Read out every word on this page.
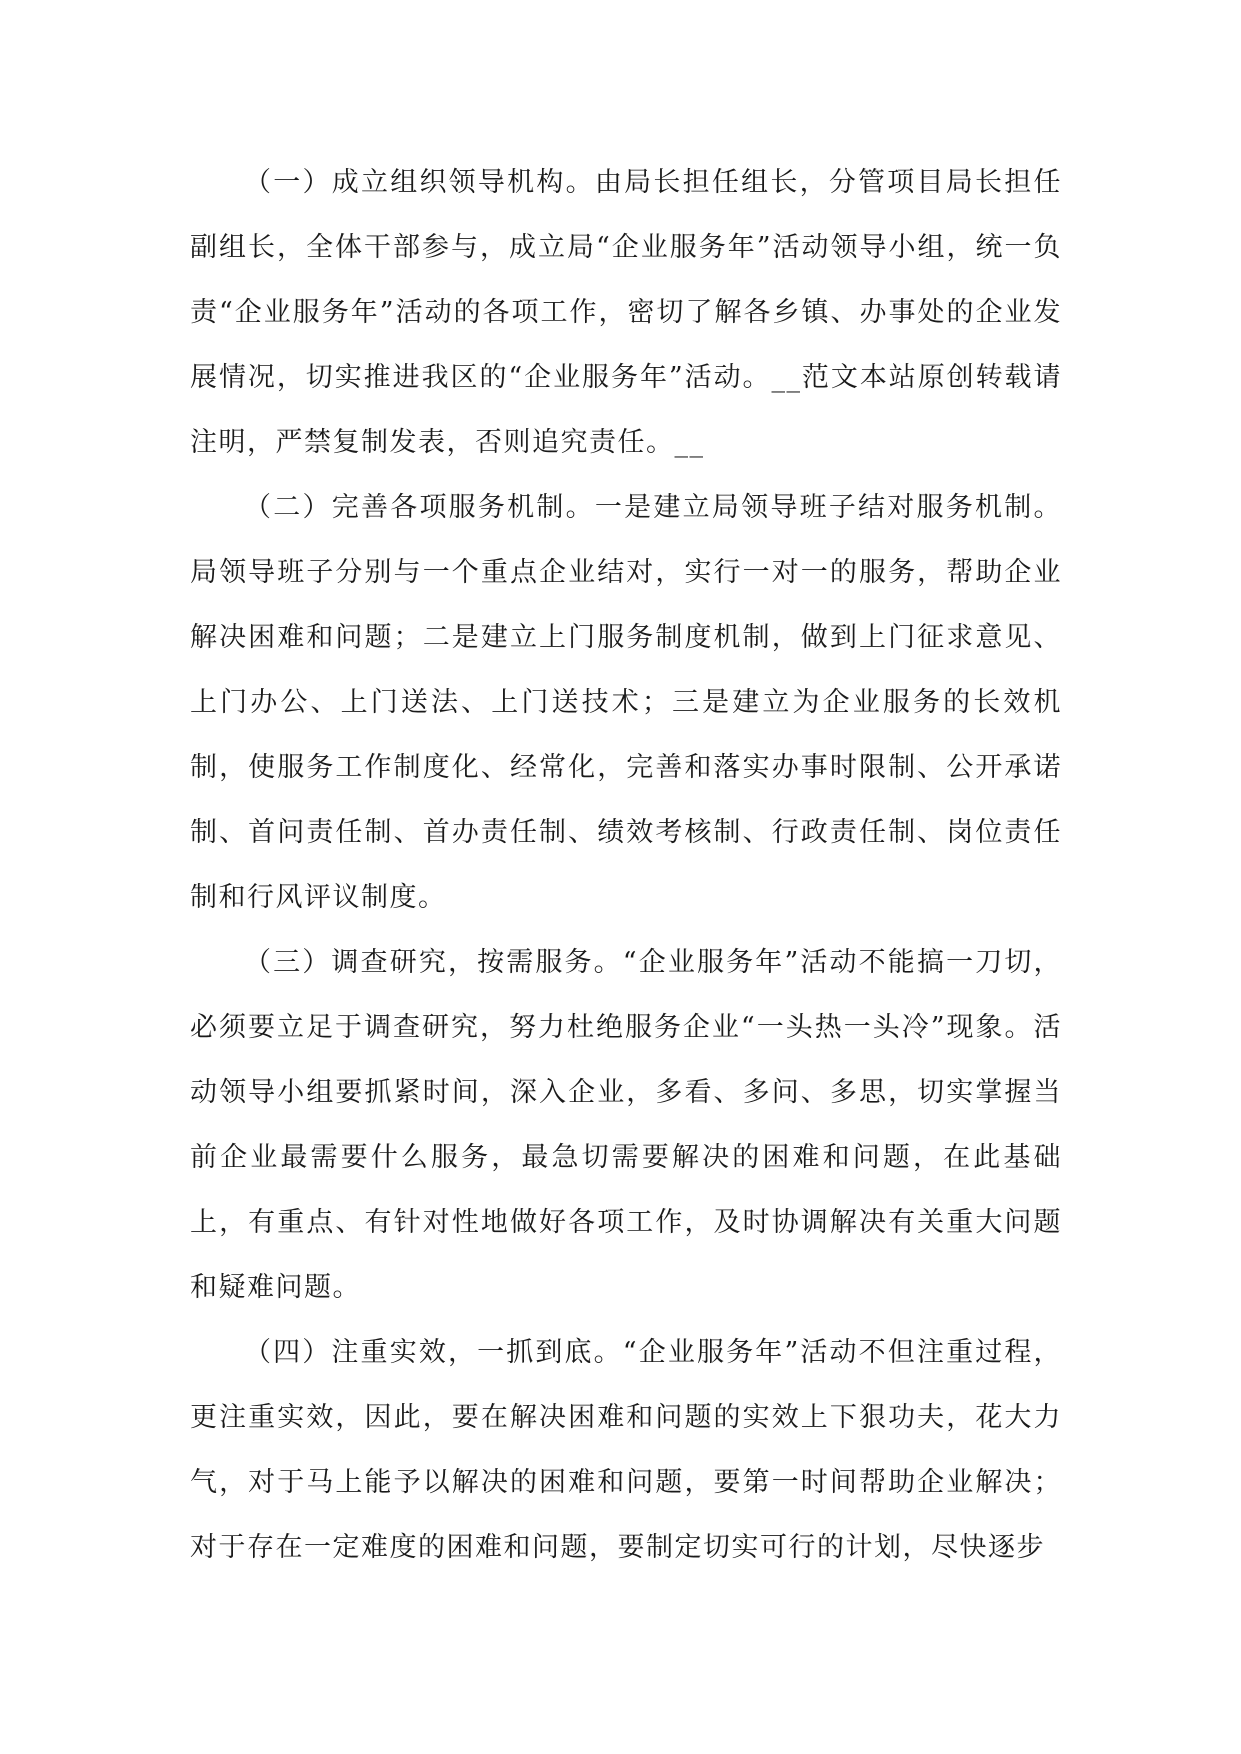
（一）成立组织领导机构。由局长担任组长，分管项目局长担任副组长，全体干部参与，成立局“企业服务年”活动领导小组，统一负责“企业服务年”活动的各项工作，密切了解各乡镇、办事处的企业发展情况，切实推进我区的“企业服务年”活动。__范文本站原创转载请注明，严禁复制发表，否则追究责任。__

（二）完善各项服务机制。一是建立局领导班子结对服务机制。局领导班子分别与一个重点企业结对，实行一对一的服务，帮助企业解决困难和问题；二是建立上门服务制度机制，做到上门征求意见、上门办公、上门送法、上门送技术；三是建立为企业服务的长效机制，使服务工作制度化、经常化，完善和落实办事时限制、公开承诺制、首问责任制、首办责任制、绩效考核制、行政责任制、岗位责任制和行风评议制度。

（三）调查研究，按需服务。“企业服务年”活动不能搞一刀切，必须要立足于调查研究，努力杜绝服务企业“一头热一头冷”现象。活动领导小组要抓紧时间，深入企业，多看、多问、多思，切实掌握当前企业最需要什么服务，最急切需要解决的困难和问题，在此基础上，有重点、有针对性地做好各项工作，及时协调解决有关重大问题和疑难问题。

（四）注重实效，一抓到底。“企业服务年”活动不但注重过程，更注重实效，因此，要在解决困难和问题的实效上下狠功夫，花大力气，对于马上能予以解决的困难和问题，要第一时间帮助企业解决；对于存在一定难度的困难和问题，要制定切实可行的计划，尽快逐步
